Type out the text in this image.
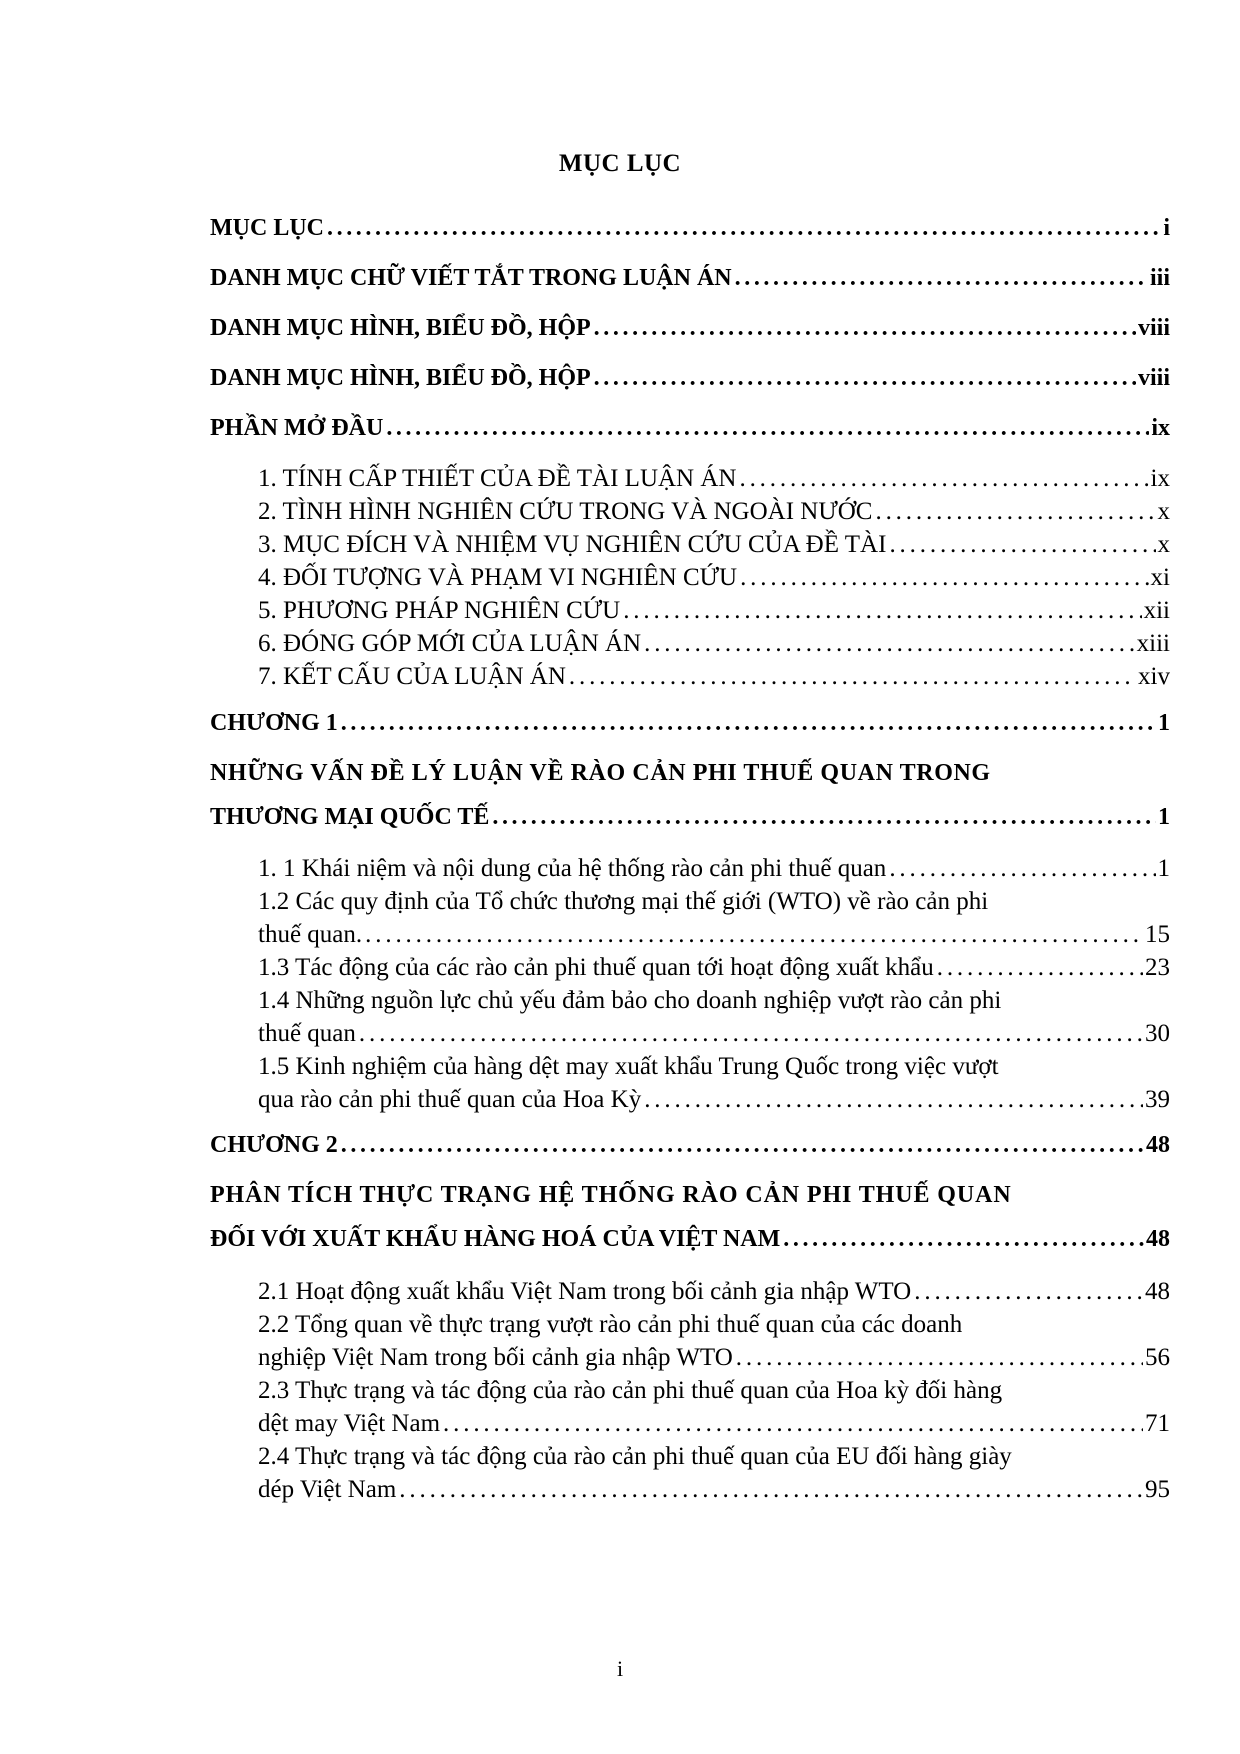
MỤC LỤC
MỤC LỤC . . .	i
DANH MỤC CHỮ VIẾT TẮT TRONG LUẬN ÁN . . .	iii
DANH MỤC HÌNH, BIỂU ĐỒ, HỘP . . .	viii
DANH MỤC HÌNH, BIỂU ĐỒ, HỘP . . .	viii
PHẦN MỞ ĐẦU . . .	ix
1. TÍNH CẤP THIẾT CỦA ĐỀ TÀI LUẬN ÁN . . .	ix
2. TÌNH HÌNH NGHIÊN CỨU TRONG VÀ NGOÀI NƯỚC . . .	x
3. MỤC ĐÍCH VÀ NHIỆM VỤ NGHIÊN CỨU CỦA ĐỀ TÀI . . .	x
4. ĐỐI TƯỢNG VÀ PHẠM VI NGHIÊN CỨU . . .	xi
5. PHƯƠNG PHÁP NGHIÊN CỨU . . .	xii
6. ĐÓNG GÓP MỚI CỦA LUẬN ÁN . . .	xiii
7. KẾT CẤU CỦA LUẬN ÁN . . .	xiv
CHƯƠNG 1 . . .	1
NHỮNG VẤN ĐỀ LÝ LUẬN VỀ RÀO CẢN PHI THUẾ QUAN TRONG
THƯƠNG MẠI QUỐC TẾ . . .	1
1. 1 Khái niệm và nội dung của hệ thống rào cản phi thuế quan . . .	1
1.2 Các quy định của Tổ chức thương mại thế giới (WTO) về rào cản phi
thuế quan. . . .	15
1.3 Tác động của các rào cản phi thuế quan tới hoạt động xuất khẩu . . .	23
1.4 Những nguồn lực chủ yếu đảm bảo cho doanh nghiệp vượt rào cản phi
thuế quan . . .	30
1.5 Kinh nghiệm của hàng dệt may xuất khẩu Trung Quốc trong việc vượt
qua rào cản phi thuế quan của Hoa Kỳ . . .	39
CHƯƠNG 2 . . .	48
PHÂN TÍCH THỰC TRẠNG HỆ THỐNG RÀO CẢN PHI THUẾ QUAN
ĐỐI VỚI XUẤT KHẨU HÀNG HOÁ CỦA VIỆT NAM . . .	48
2.1 Hoạt động xuất khẩu Việt Nam trong bối cảnh gia nhập WTO . . .	48
2.2 Tổng quan về thực trạng vượt rào cản phi thuế quan của các doanh
nghiệp Việt Nam trong bối cảnh gia nhập WTO . . .	56
2.3 Thực trạng và tác động của rào cản phi thuế quan của Hoa kỳ đối hàng
dệt may Việt Nam . . .	71
2.4 Thực trạng và tác động của rào cản phi thuế quan của EU đối hàng giày
dép Việt Nam . . .	95
i
